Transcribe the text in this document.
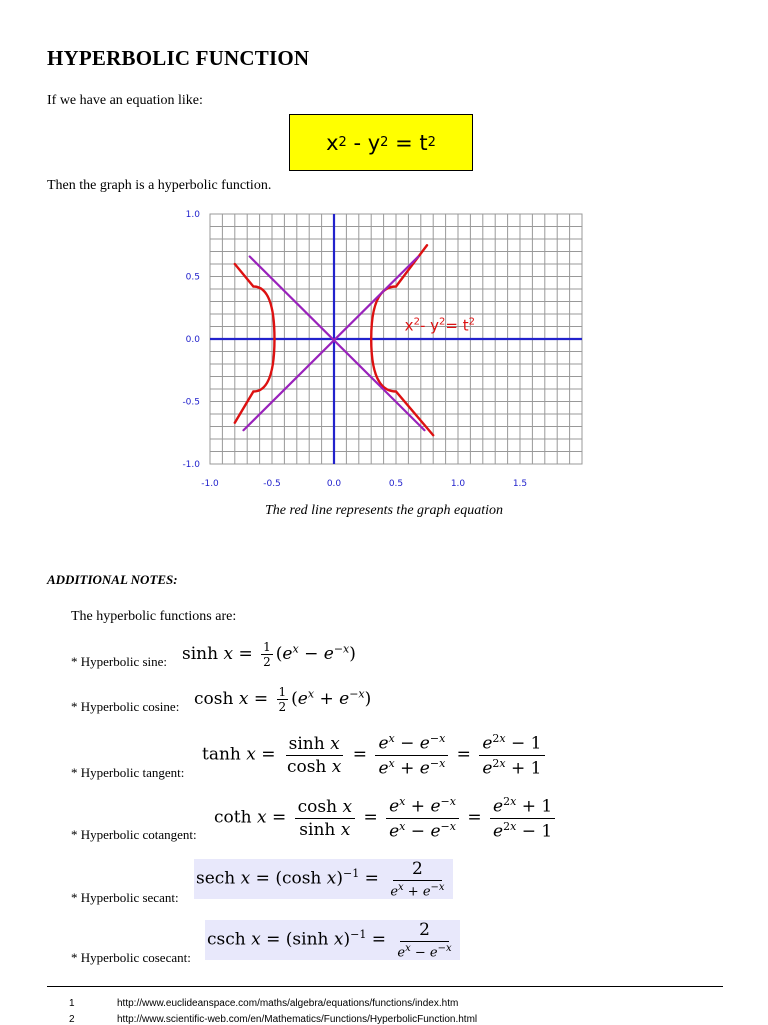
HYPERBOLIC FUNCTION
If we have an equation like:
x 2
- y 2
= t 2
Then the graph is a hyperbolic function.
1.0
0.5
0.0
-0.5
-1.0
-1.0	-0.5	0.0	0.5	1.0	1.5
$x^2-$ $y^2= t^2$
The red line represents the graph equation
ADDITIONAL NOTES:
The hyperbolic functions are:
* Hyperbolic sine: $\sinh x = \frac{1}{2} (e^x - e^{-x})$
* Hyperbolic cosine: $\cosh x = \frac{1}{2} (e^x + e^{-x})$
* Hyperbolic tangent:
$\tanh x = \frac{\text{sinh x}}{\text{cosh x}} = \frac{e^x - e^{-x}}{e^x + e^{-x}} = \frac{e^{2x} - 1}{e^{2x} + 1}$
* Hyperbolic cotangent:
coth $x = \frac{\text{cosh x}}{\text{sinh x}} = \frac{e^x + e^{-x}}{e^x - e^{-x}} = \frac{e^{2x} + 1}{e^{2x} - 1}$
* Hyperbolic secant:
sech x = (cosh $x)^{-1} = \frac{2}{e^x + e^{-x}}$
* Hyperbolic cosecant:
csch x = (sinh $x)^{-1} = \frac{2}{e^x - e^{-x}}$
1	http://www.euclideanspace.com/maths/algebra/equations/functions/index.htm
2	http://www.scientific-web.com/en/Mathematics/Functions/HyperbolicFunction.html
